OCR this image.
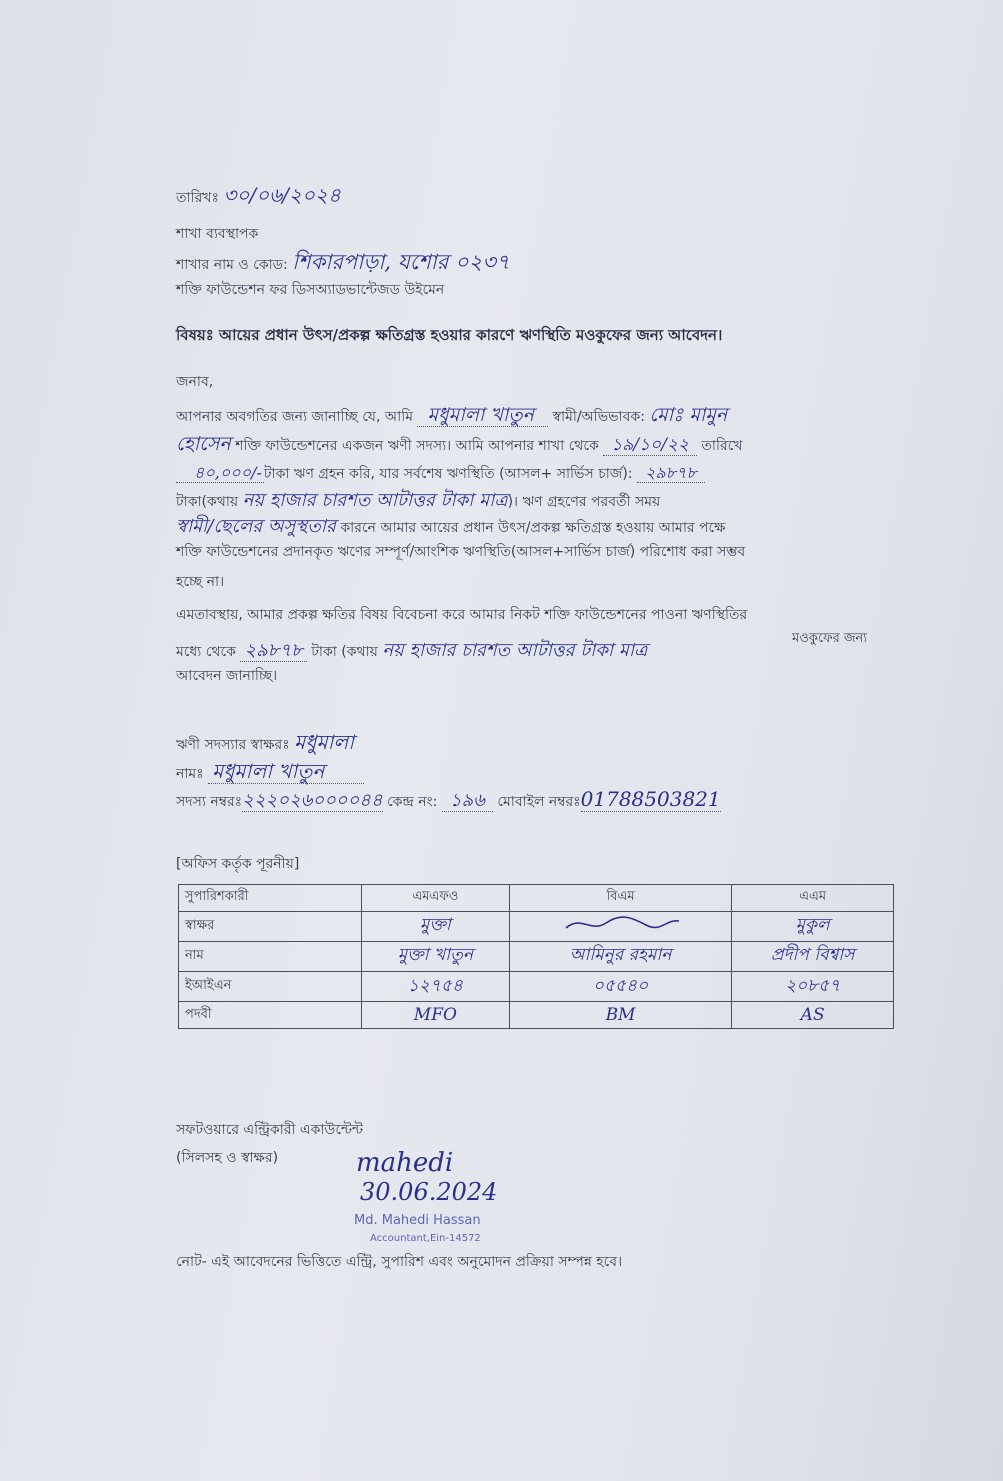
তারিখঃ ৩০/০৬/২০২৪
শাখা ব্যবস্থাপক
শাখার নাম ও কোড: শিকারপাড়া, যশোর ০২৩৭
শক্তি ফাউন্ডেশন ফর ডিসঅ্যাডভান্টেজড উইমেন
বিষয়ঃ আয়ের প্রধান উৎস/প্রকল্প ক্ষতিগ্রস্ত হওয়ার কারণে ঋণস্থিতি মওকুফের জন্য আবেদন।
জনাব,
আপনার অবগতির জন্য জানাচ্ছি যে, আমি মধুমালা খাতুন স্বামী/অভিভাবক: মোঃ মামুন
হোসেন শক্তি ফাউন্ডেশনের একজন ঋণী সদস্য। আমি আপনার শাখা থেকে ১৯/১০/২২ তারিখে
৪০,০০০/- টাকা ঋণ গ্রহন করি, যার সর্বশেষ ঋণস্থিতি (আসল+ সার্ভিস চার্জ): ২৯৮৭৮
টাকা(কথায় নয় হাজার চারশত আটাত্তর টাকা মাত্র)। ঋণ গ্রহণের পরবর্তী সময়
স্বামী/ছেলের অসুস্থতার কারনে আমার আয়ের প্রধান উৎস/প্রকল্প ক্ষতিগ্রস্ত হওয়ায় আমার পক্ষে
শক্তি ফাউন্ডেশনের প্রদানকৃত ঋণের সম্পূর্ণ/আংশিক ঋণস্থিতি(আসল+সার্ভিস চার্জ) পরিশোধ করা সম্ভব
হচ্ছে না।
এমতাবস্থায়, আমার প্রকল্প ক্ষতির বিষয় বিবেচনা করে আমার নিকট শক্তি ফাউন্ডেশনের পাওনা ঋণস্থিতির
মধ্যে থেকে ২৯৮৭৮ টাকা (কথায় নয় হাজার চারশত আটাত্তর টাকা মাত্র
মওকুফের জন্য
আবেদন জানাচ্ছি।
ঋণী সদস্যার স্বাক্ষরঃ মধুমালা
নামঃ মধুমালা খাতুন
সদস্য নম্বরঃ২২২০২৬০০০০৪৪ কেন্দ্র নং: ১৯৬ মোবাইল নম্বরঃ01788503821
[অফিস কর্তৃক পূরনীয়]
সুপারিশকারী	এমএফও	বিএম	এএম
স্বাক্ষর	মুক্তা		মুকুল
নাম	মুক্তা খাতুন	আমিনুর রহমান	প্রদীপ বিশ্বাস
ইআইএন	১২৭৫৪	০৫৫৪০	২০৮৫৭
পদবী	MFO	BM	AS
সফটওয়ারে এন্ট্রিকারী একাউন্টেন্ট
(সিলসহ ও স্বাক্ষর)	mahedi
30.06.2024
Md. Mahedi Hassan
Accountant,Ein-14572
নোট- এই আবেদনের ভিত্তিতে এন্ট্রি, সুপারিশ এবং অনুমোদন প্রক্রিয়া সম্পন্ন হবে।
